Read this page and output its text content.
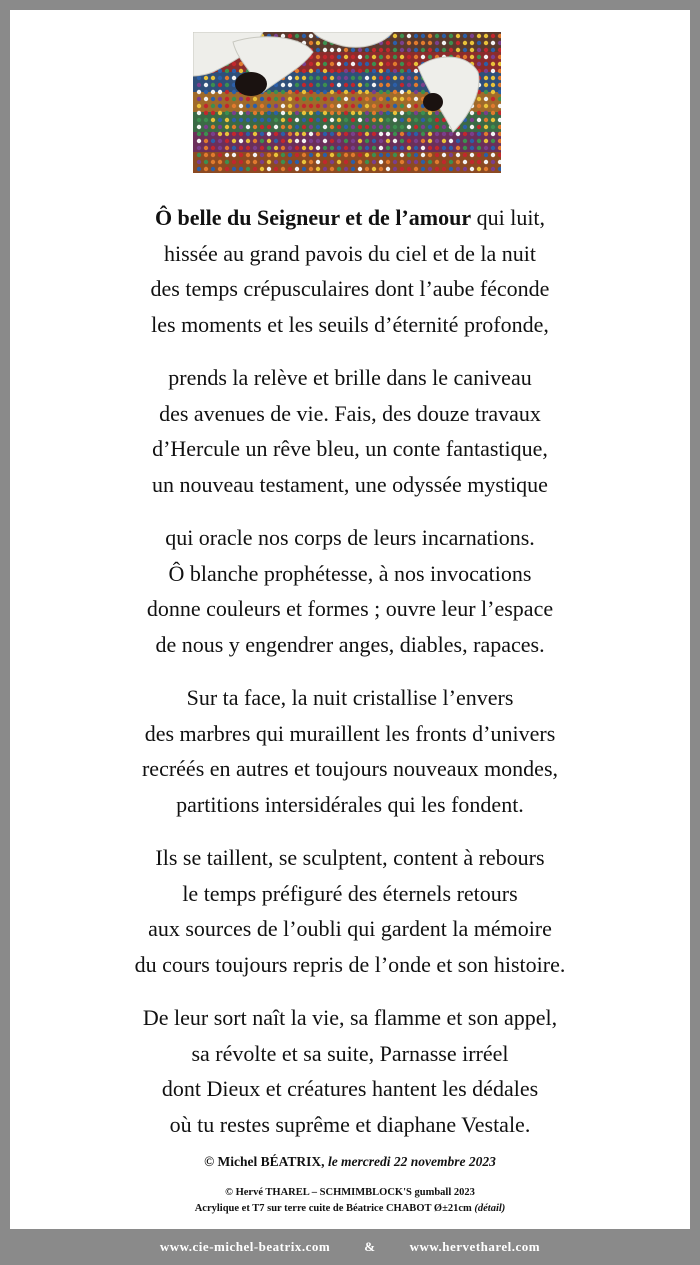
Ô belle du Seigneur et de l’amour qui luit,
hissée au grand pavois du ciel et de la nuit
des temps crépusculaires dont l’aube féconde
les moments et les seuils d’éternité profonde,
prends la relève et brille dans le caniveau
des avenues de vie. Fais, des douze travaux
d’Hercule un rêve bleu, un conte fantastique,
un nouveau testament, une odyssée mystique
qui oracle nos corps de leurs incarnations.
Ô blanche prophétesse, à nos invocations
donne couleurs et formes ; ouvre leur l’espace
de nous y engendrer anges, diables, rapaces.
Sur ta face, la nuit cristallise l’envers
des marbres qui muraillent les fronts d’univers
recréés en autres et toujours nouveaux mondes,
partitions intersidérales qui les fondent.
Ils se taillent, se sculptent, content à rebours
le temps préfiguré des éternels retours
aux sources de l’oubli qui gardent la mémoire
du cours toujours repris de l’onde et son histoire.
De leur sort naît la vie, sa flamme et son appel,
sa révolte et sa suite, Parnasse irréel
dont Dieux et créatures hantent les dédales
où tu restes suprême et diaphane Vestale.
© Michel BÉATRIX, le mercredi 22 novembre 2023
© Hervé THAREL – SCHMIMBLOCK'S gumball 2023
Acrylique et T7 sur terre cuite de Béatrice CHABOT Ø±21cm (détail)
www.cie-michel-beatrix.com	&	www.hervetharel.com
